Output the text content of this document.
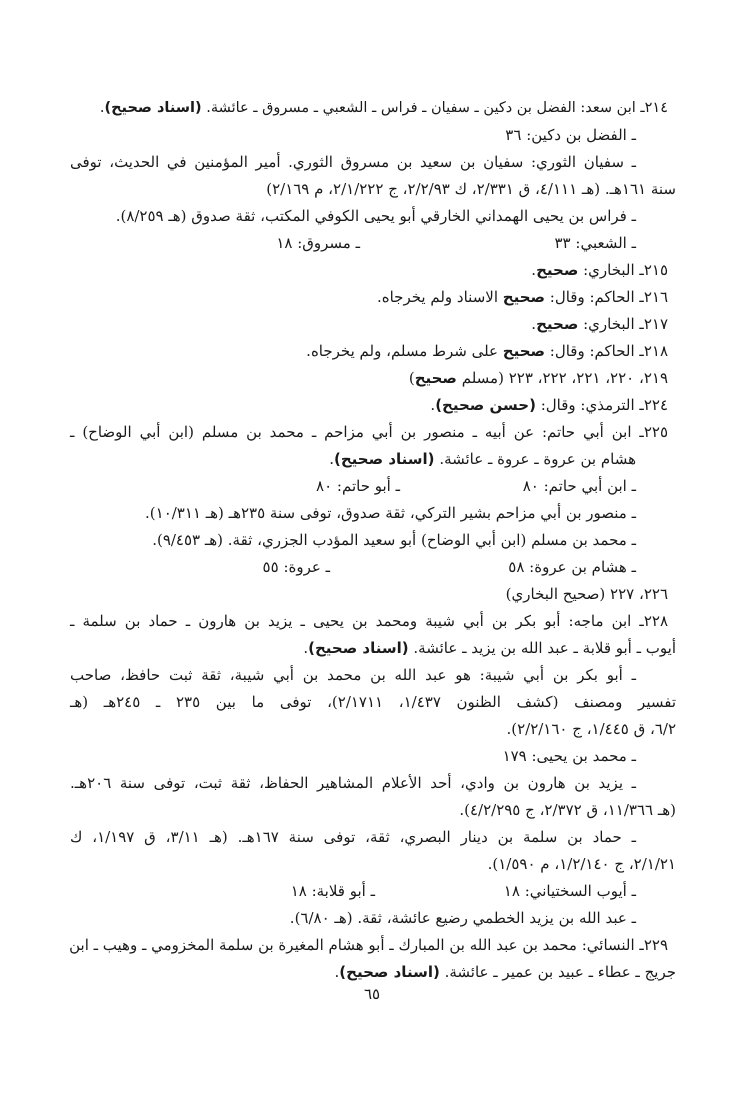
٢١٤ـ ابن سعد: الفضل بن دكين ـ سفيان ـ فراس ـ الشعبي ـ مسروق ـ عائشة. (اسناد صحيح).
ـ الفضل بن دكين: ٣٦
ـ سفيان الثوري: سفيان بن سعيد بن مسروق الثوري. أمير المؤمنين في الحديث، توفى
سنة ١٦١هـ. (هـ ٤/١١١، ق ٢/٣٣١، ك ٢/٢/٩٣، ج ٢/١/٢٢٢، م ٢/١٦٩)
ـ فراس بن يحيى الهمداني الخارقي أبو يحيى الكوفي المكتب، ثقة صدوق (هـ ٨/٢٥٩).
ـ الشعبي: ٣٣
ـ مسروق: ١٨
٢١٥ـ البخاري: صحيح.
٢١٦ـ الحاكم: وقال: صحيح الاسناد ولم يخرجاه.
٢١٧ـ البخاري: صحيح.
٢١٨ـ الحاكم: وقال: صحيح على شرط مسلم، ولم يخرجاه.
٢١٩، ٢٢٠، ٢٢١، ٢٢٢، ٢٢٣ (مسلم صحيح)
٢٢٤ـ الترمذي: وقال: (حسن صحيح).
٢٢٥ـ ابن أبي حاتم: عن أبيه ـ منصور بن أبي مزاحم ـ محمد بن مسلم (ابن أبي الوضاح) ـ
هشام بن عروة ـ عروة ـ عائشة. (اسناد صحيح).
ـ ابن أبي حاتم: ٨٠
ـ أبو حاتم: ٨٠
ـ منصور بن أبي مزاحم بشير التركي، ثقة صدوق، توفى سنة ٢٣٥هـ (هـ ١٠/٣١١).
ـ محمد بن مسلم (ابن أبي الوضاح) أبو سعيد المؤدب الجزري، ثقة. (هـ ٩/٤٥٣).
ـ هشام بن عروة: ٥٨
ـ عروة: ٥٥
٢٢٦، ٢٢٧ (صحيح البخاري)
٢٢٨ـ ابن ماجه: أبو بكر بن أبي شيبة ومحمد بن يحيى ـ يزيد بن هارون ـ حماد بن سلمة ـ
أيوب ـ أبو قلابة ـ عبد الله بن يزيد ـ عائشة. (اسناد صحيح).
ـ أبو بكر بن أبي شيبة: هو عبد الله بن محمد بن أبي شيبة، ثقة ثبت حافظ، صاحب
تفسير ومصنف (كشف الظنون ١/٤٣٧، ٢/١٧١١)، توفى ما بين ٢٣٥ ـ ٢٤٥هـ (هـ
٦/٢، ق ١/٤٤٥، ج ٢/٢/١٦٠).
ـ محمد بن يحيى: ١٧٩
ـ يزيد بن هارون بن وادي، أحد الأعلام المشاهير الحفاظ، ثقة ثبت، توفى سنة ٢٠٦هـ.
(هـ ١١/٣٦٦، ق ٢/٣٧٢، ج ٤/٢/٢٩٥).
ـ حماد بن سلمة بن دينار البصري، ثقة، توفى سنة ١٦٧هـ. (هـ ٣/١١، ق ١/١٩٧، ك
٢/١/٢١، ج ١/٢/١٤٠، م ١/٥٩٠).
ـ أيوب السختياني: ١٨
ـ أبو قلابة: ١٨
ـ عبد الله بن يزيد الخطمي رضيع عائشة، ثقة. (هـ ٦/٨٠).
٢٢٩ـ النسائي: محمد بن عبد الله بن المبارك ـ أبو هشام المغيرة بن سلمة المخزومي ـ وهيب ـ ابن
جريج ـ عطاء ـ عبيد بن عمير ـ عائشة. (اسناد صحيح).
٦٥
